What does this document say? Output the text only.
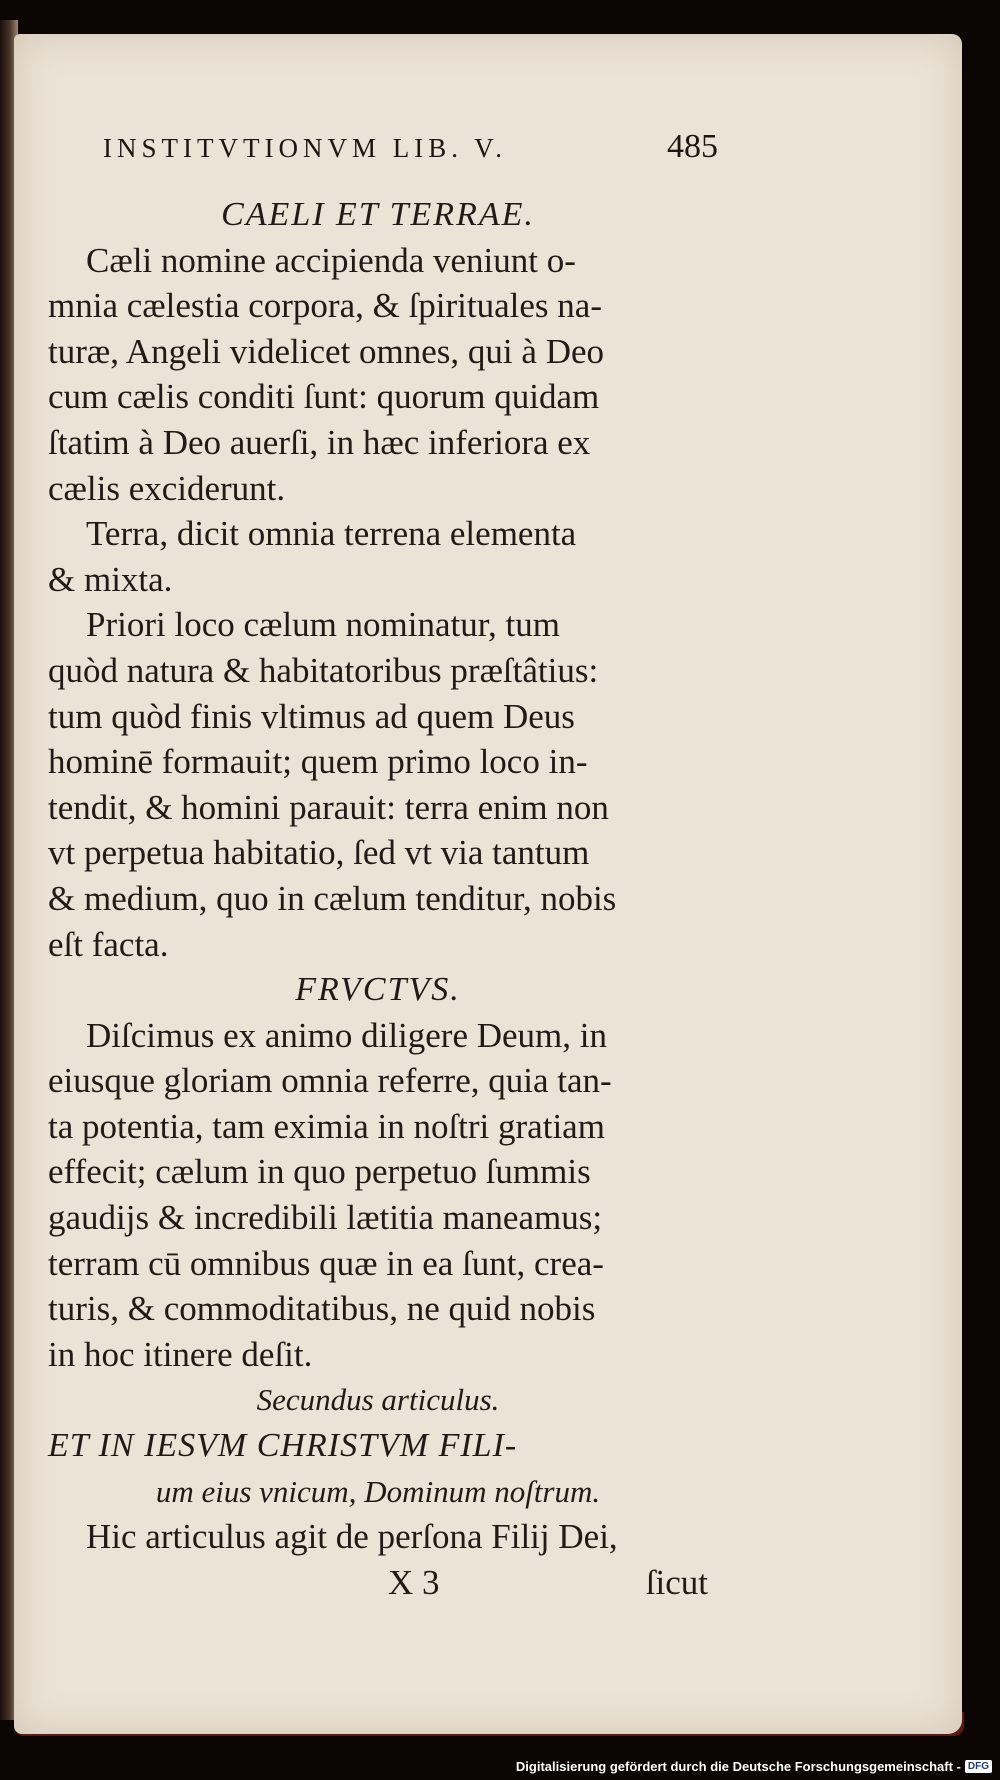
INSTITVTIONVM LIB. V.	485
CAELI ET TERRAE.
Cæli nomine accipienda veniunt o-
mnia cælestia corpora, & ſpirituales na-
turæ, Angeli videlicet omnes, qui à Deo
cum cælis conditi ſunt: quorum quidam
ſtatim à Deo auerſi, in hæc inferiora ex
cælis exciderunt.
Terra, dicit omnia terrena elementa
& mixta.
Priori loco cælum nominatur, tum
quòd natura & habitatoribus præſtâtius:
tum quòd finis vltimus ad quem Deus
hominē formauit; quem primo loco in-
tendit, & homini parauit: terra enim non
vt perpetua habitatio, ſed vt via tantum
& medium, quo in cælum tenditur, nobis
eſt facta.
FRVCTVS.
Diſcimus ex animo diligere Deum, in
eiusque gloriam omnia referre, quia tan-
ta potentia, tam eximia in noſtri gratiam
effecit; cælum in quo perpetuo ſummis
gaudijs & incredibili lætitia maneamus;
terram cū omnibus quæ in ea ſunt, crea-
turis, & commoditatibus, ne quid nobis
in hoc itinere deſit.
Secundus articulus.
ET IN IESVM CHRISTVM FILI-
um eius vnicum, Dominum noſtrum.
Hic articulus agit de perſona Filij Dei,
X 3	ſicut
Digitalisierung gefördert durch die Deutsche Forschungsgemeinschaft - DFG
